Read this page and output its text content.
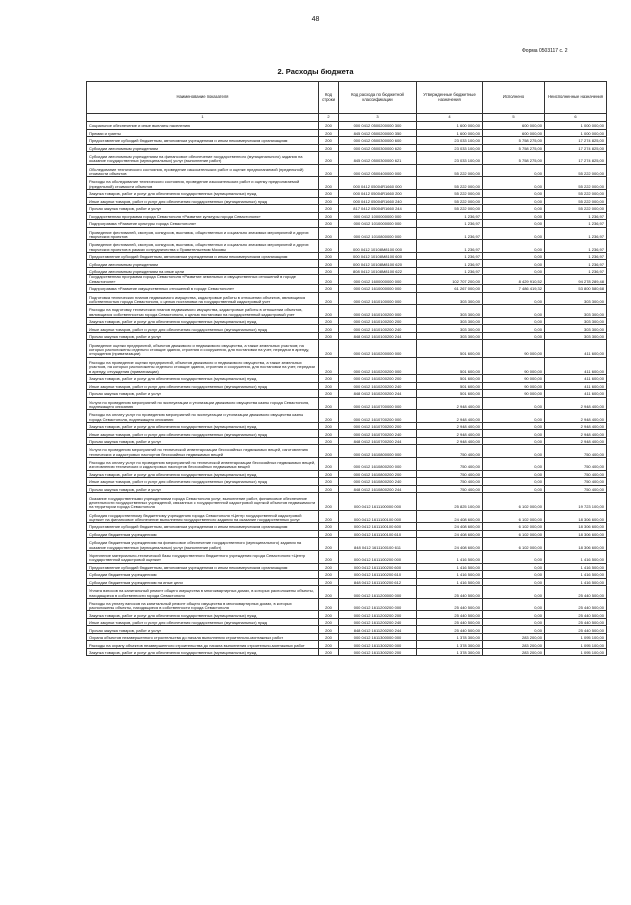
48
Форма 0503117 с. 2
2. Расходы бюджета
Наименование показателя	Код строки	Код расхода по бюджетной классификации	Утвержденные бюджетные назначения	Исполнено	Неисполненные назначения
1	2	3	4	5	6
Социальное обеспечение и иные выплаты населению	200	000 0412 0500200000 300	1 600 000,00	600 000,00	1 000 000,00
Премии и гранты	200	845 0412 0500200000 350	1 600 000,00	600 000,00	1 000 000,00
Предоставление субсидий бюджетным, автономным учреждениям и иным некоммерческим организациям	200	000 0412 0500300000 600	23 033 100,00	5 758 275,00	17 274 825,00
Субсидии автономным учреждениям	200	000 0412 0500300000 620	23 033 100,00	5 758 275,00	17 274 825,00
Субсидии автономным учреждениям на финансовое обеспечение государственного (муниципального) задания на оказание государственных (муниципальных) услуг (выполнение работ)	200	845 0412 0500300000 621	23 033 100,00	5 758 275,00	17 274 825,00
Обследование технического состояния, проведение изыскательских работ и оценке предполагаемой (предельной) стоимости объектов	200	000 0412 0500400000 000	55 222 000,00	0,00	55 222 000,00
Расходы на обследование технического состояния, проведение изыскательских работ и оценку предполагаемой (предельной) стоимости объектов	200	000 0412 05004R1660 000	55 222 000,00	0,00	55 222 000,00
Закупка товаров, работ и услуг для обеспечения государственных (муниципальных) нужд	200	000 0412 05004R1660 200	55 222 000,00	0,00	55 222 000,00
Иные закупки товаров, работ и услуг для обеспечения государственных (муниципальных) нужд	200	000 0412 05004R1660 240	55 222 000,00	0,00	55 222 000,00
Прочая закупка товаров, работ и услуг	200	817 0412 05004R1660 244	55 222 000,00	0,00	55 222 000,00
Государственная программа города Севастополя «Развитие культуры города Севастополя»	200	000 0412 1000000000 000	1 236,97	0,00	1 236,97
Подпрограмма «Развитие культуры города Севастополя»	200	000 0412 1010000000 000	1 236,97	0,00	1 236,97
Проведение фестивалей, смотров, конкурсов, выставок, общественных и социально значимых мероприятий и других творческих проектов	200	000 0412 1010800000 000	1 236,97	0,00	1 236,97
Проведение фестивалей, смотров, конкурсов, выставок, общественных и социально значимых мероприятий и других творческих проектов в рамках сотрудничества с Правительством Москвы	200	000 0412 10108М8100 000	1 236,97	0,00	1 236,97
Предоставление субсидий бюджетным, автономным учреждениям и иным некоммерческим организациям	200	000 0412 10108М8100 600	1 236,97	0,00	1 236,97
Субсидии автономным учреждениям	200	000 0412 10108М8100 620	1 236,97	0,00	1 236,97
Субсидии автономным учреждениям на иные цели	200	808 0412 10108М8100 622	1 236,97	0,00	1 236,97
Государственная программа города Севастополя «Развитие земельных и имущественных отношений в городе Севастополе»	200	000 0412 1600000000 000	102 707 200,00	8 429 910,52	94 278 289,48
Подпрограмма «Развитие имущественных отношений в городе Севастополе»	200	000 0412 1610000000 000	61 267 000,00	7 486 419,32	53 800 580,68
Подготовка технических планов недвижимого имущества, кадастровые работы в отношении объектов, являющихся собственностью города Севастополя, с целью постановки на государственный кадастровый учет	200	000 0412 1610100000 000	303 300,00	0,00	303 300,00
Расходы на подготовку технических планов недвижимого имущества, кадастровые работы в отношении объектов, являющихся собственностью города Севастополя, с целью постановки на государственный кадастровый учет	200	000 0412 1610100200 000	303 300,00	0,00	303 300,00
Закупка товаров, работ и услуг для обеспечения государственных (муниципальных) нужд	200	000 0412 1610100200 200	303 300,00	0,00	303 300,00
Иные закупки товаров, работ и услуг для обеспечения государственных (муниципальных) нужд	200	000 0412 1610100200 240	303 300,00	0,00	303 300,00
Прочая закупка товаров, работ и услуг	200	848 0412 1610100200 244	303 300,00	0,00	303 300,00
Проведение оценки предприятий, объектов движимого и недвижимого имущества, а также земельных участков; на которых расположены отдельно стоящие здания, строения и сооружения, для постановки на учет, передачи в аренду, отчуждения (приватизации)	200	000 0412 1610200000 000	501 600,00	90 000,00	411 600,00
Расходы на проведение оценки предприятий, объектов движимого и недвижимого имущества, а также земельных участков, на которых расположены отдельно стоящие здания, строения и сооружения, для постановки на учет, передачи в аренду, отчуждения (приватизации)	200	000 0412 1610200200 000	501 600,00	90 000,00	411 600,00
Закупка товаров, работ и услуг для обеспечения государственных (муниципальных) нужд	200	000 0412 1610200200 200	501 600,00	90 000,00	411 600,00
Иные закупки товаров, работ и услуг для обеспечения государственных (муниципальных) нужд	200	000 0412 1610200200 240	501 600,00	90 000,00	411 600,00
Прочая закупка товаров, работ и услуг	200	848 0412 1610200200 244	501 600,00	90 000,00	411 600,00
Услуги по проведению мероприятий по эксплуатации и утилизации движимого имущества казны города Севастополя, подлежащего списанию	200	000 0412 1610700000 000	2 948 400,00	0,00	2 948 400,00
Расходы на оплату услуг по проведению мероприятий по эксплуатации и утилизации движимого имущества казны города Севастополя, подлежащего списанию	200	000 0412 1610700200 000	2 948 400,00	0,00	2 948 400,00
Закупка товаров, работ и услуг для обеспечения государственных (муниципальных) нужд	200	000 0412 1610700200 200	2 948 400,00	0,00	2 948 400,00
Иные закупки товаров, работ и услуг для обеспечения государственных (муниципальных) нужд	200	000 0412 1610700200 240	2 948 400,00	0,00	2 948 400,00
Прочая закупка товаров, работ и услуг	200	848 0412 1610700200 244	2 948 400,00	0,00	2 948 400,00
Услуги по проведению мероприятий по технической инвентаризации бесхозяйных недвижимых вещей, изготовлению технических и кадастровых паспортов бесхозяйных недвижимых вещей	200	000 0412 1610800000 000	750 400,00	0,00	750 400,00
Расходы на оплату услуг по проведению мероприятий по технической инвентаризации бесхозяйных недвижимых вещей, изготовлению технических и кадастровых паспортов бесхозяйных недвижимых вещей	200	000 0412 1610800200 000	750 400,00	0,00	750 400,00
Закупка товаров, работ и услуг для обеспечения государственных (муниципальных) нужд	200	000 0412 1610800200 200	750 400,00	0,00	750 400,00
Иные закупки товаров, работ и услуг для обеспечения государственных (муниципальных) нужд	200	000 0412 1610800200 240	750 400,00	0,00	750 400,00
Прочая закупка товаров, работ и услуг	200	848 0412 1610800200 244	750 400,00	0,00	750 400,00
Оказание государственными учреждениями города Севастополя услуг, выполнение работ, финансовое обеспечение деятельности государственных учреждений, связанных с государственной кадастровой оценкой объектов недвижимости на территории города Севастополя	200	000 0412 1611100000 000	25 825 100,00	6 102 000,00	19 723 100,00
Субсидия государственному бюджетному учреждению города Севастополя «Центр государственной кадастровой оценки» на финансовое обеспечение выполнения государственного задания на оказание государственных услуг	200	000 0412 1611100100 000	24 408 600,00	6 102 000,00	18 306 600,00
Предоставление субсидий бюджетным, автономным учреждениям и иным некоммерческим организациям	200	000 0412 1611100100 600	24 408 600,00	6 102 000,00	18 306 600,00
Субсидии бюджетным учреждениям	200	000 0412 1611100100 610	24 408 600,00	6 102 000,00	18 306 600,00
Субсидии бюджетным учреждениям на финансовое обеспечение государственного (муниципального) задания на оказание государственных (муниципальных) услуг (выполнение работ)	200	848 0412 1611100100 611	24 408 600,00	6 102 000,00	18 306 600,00
Укрепление материально-технической базы государственного бюджетного учреждения города Севастополя «Центр государственной кадастровой оценки»	200	000 0412 1611100200 000	1 416 500,00	0,00	1 416 500,00
Предоставление субсидий бюджетным, автономным учреждениям и иным некоммерческим организациям	200	000 0412 1611100200 600	1 416 500,00	0,00	1 416 500,00
Субсидии бюджетным учреждениям	200	000 0412 1611100200 610	1 416 500,00	0,00	1 416 500,00
Субсидии бюджетным учреждениям на иные цели	200	848 0412 1611100200 612	1 416 500,00	0,00	1 416 500,00
Уплата взносов на капитальный ремонт общего имущества в многоквартирных домах, в которых расположены объекты, находящиеся в собственности города Севастополя	200	000 0412 1611200000 000	25 440 500,00	0,00	25 440 500,00
Расходы на уплату взносов на капитальный ремонт общего имущества в многоквартирных домах, в которых расположены объекты, находящиеся в собственности города Севастополя	200	000 0412 1611200200 000	25 440 500,00	0,00	25 440 500,00
Закупка товаров, работ и услуг для обеспечения государственных (муниципальных) нужд	200	000 0412 1611200200 200	25 440 500,00	0,00	25 440 500,00
Иные закупки товаров, работ и услуг для обеспечения государственных (муниципальных) нужд	200	000 0412 1611200200 240	25 440 500,00	0,00	25 440 500,00
Прочая закупка товаров, работ и услуг	200	848 0412 1611200200 244	25 440 500,00	0,00	25 440 500,00
Охрана объектов незавершенного строительства до начала выполнения строительно-монтажных работ	200	000 0412 1611300000 000	1 378 300,00	283 200,00	1 095 100,00
Расходы на охрану объектов незавершенного строительства до начала выполнения строительно-монтажных работ	200	000 0412 1611300200 000	1 378 300,00	283 200,00	1 095 100,00
Закупка товаров, работ и услуг для обеспечения государственных (муниципальных) нужд	200	000 0412 1611300200 200	1 378 300,00	283 200,00	1 095 100,00
